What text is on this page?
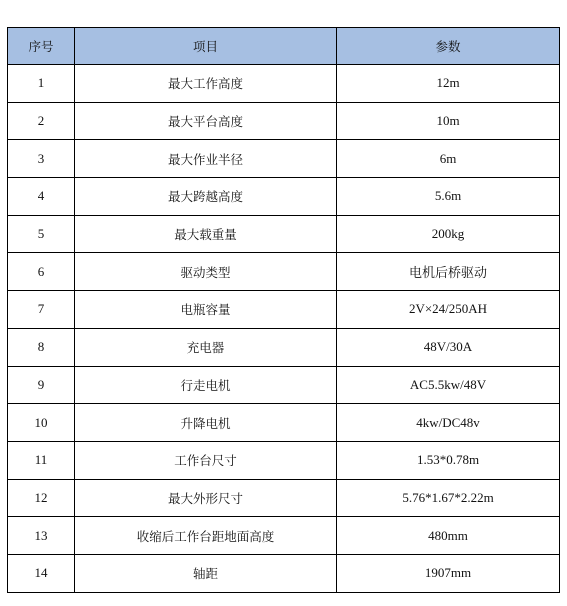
序号	项目	参数
1	最大工作高度	12m
2	最大平台高度	10m
3	最大作业半径	6m
4	最大跨越高度	5.6m
5	最大载重量	200kg
6	驱动类型	电机后桥驱动
7	电瓶容量	2V×24/250AH
8	充电器	48V/30A
9	行走电机	AC5.5kw/48V
10	升降电机	4kw/DC48v
11	工作台尺寸	1.53*0.78m
12	最大外形尺寸	5.76*1.67*2.22m
13	收缩后工作台距地面高度	480mm
14	轴距	1907mm
